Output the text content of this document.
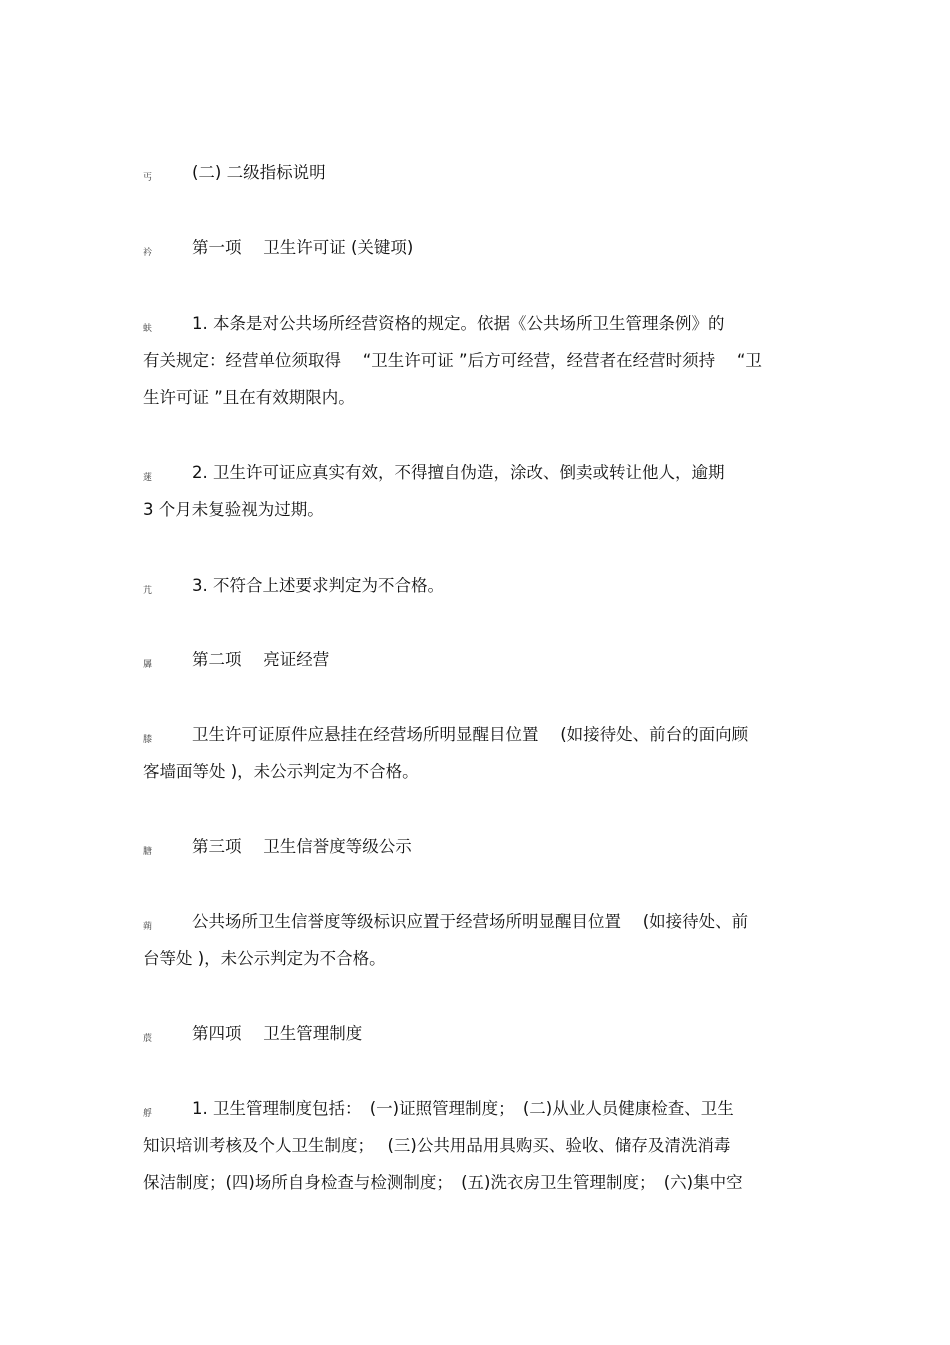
丐 (二) 二级指标说明
衿 第一项　 卫生许可证 (关键项)
蚨 1. 本条是对公共场所经营资格的规定。依据《公共场所卫生管理条例》的
有关规定：经营单位须取得　 “卫生许可证 ”后方可经营，经营者在经营时须持　 “卫
生许可证 ”且在有效期限内。
蒾 2. 卫生许可证应真实有效，不得擅自伪造，涂改、倒卖或转让他人，逾期
3 个月未复验视为过期。
芁 3. 不符合上述要求判定为不合格。
羼 第二项　 亮证经营
膝 卫生许可证原件应悬挂在经营场所明显醒目位置　 (如接待处、前台的面向顾
客墙面等处 )，未公示判定为不合格。
膅 第三项　 卫生信誉度等级公示
蒴 公共场所卫生信誉度等级标识应置于经营场所明显醒目位置　 (如接待处、前
台等处 )，未公示判定为不合格。
莀 第四项　 卫生管理制度
艀 1. 卫生管理制度包括：　(一)证照管理制度；　(二)从业人员健康检查、卫生
知识培训考核及个人卫生制度；　 (三)公共用品用具购买、验收、储存及清洗消毒
保洁制度；(四)场所自身检查与检测制度；　(五)洗衣房卫生管理制度；　(六)集中空
